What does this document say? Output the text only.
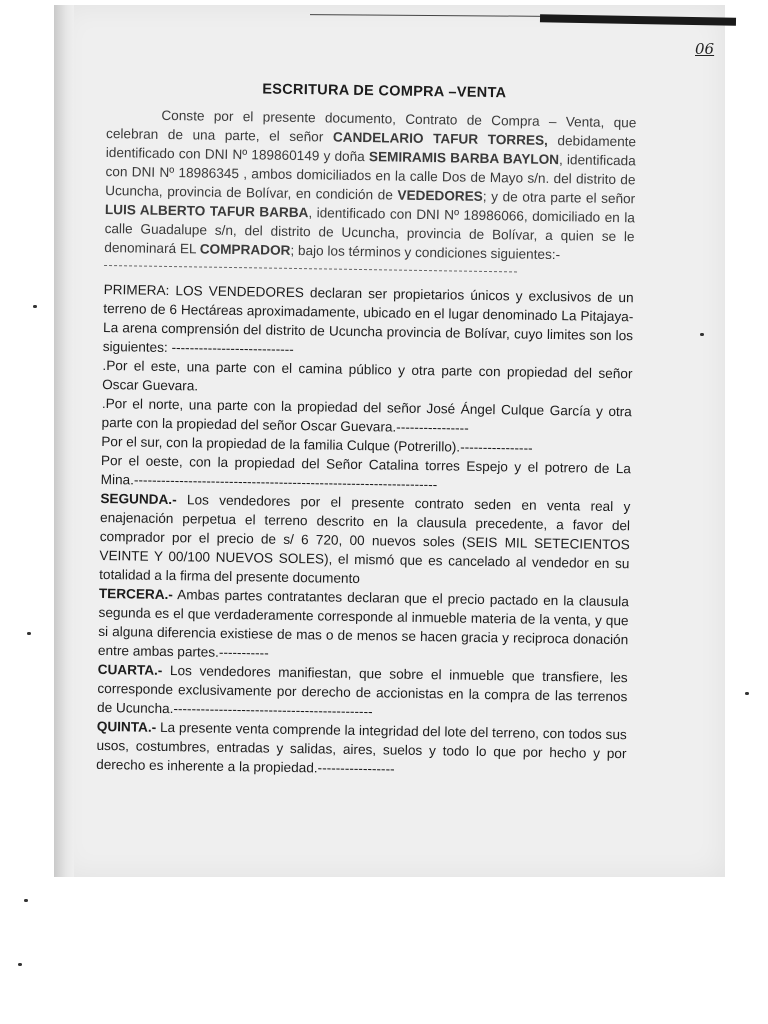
06
ESCRITURA DE COMPRA –VENTA

Conste por el presente documento, Contrato de Compra – Venta, que celebran de una parte, el señor CANDELARIO TAFUR TORRES, debidamente identificado con DNI Nº 189860149 y doña SEMIRAMIS BARBA BAYLON, identificada con DNI Nº 18986345 , ambos domiciliados en la calle Dos de Mayo s/n. del distrito de Ucuncha, provincia de Bolívar, en condición de VEDEDORES; y de otra parte el señor LUIS ALBERTO TAFUR BARBA, identificado con DNI Nº 18986066, domiciliado en la calle Guadalupe s/n, del distrito de Ucuncha, provincia de Bolívar, a quien se le denominará EL COMPRADOR; bajo los términos y condiciones siguientes:-

PRIMERA: LOS VENDEDORES declaran ser propietarios únicos y exclusivos de un terreno de 6 Hectáreas aproximadamente, ubicado en el lugar denominado La Pitajaya- La arena comprensión del distrito de Ucuncha provincia de Bolívar, cuyo limites son los siguientes: ---------------------------

.Por el este, una parte con el camina público y otra parte con propiedad del señor Oscar Guevara.

.Por el norte, una parte con la propiedad del señor José Ángel Culque García y otra parte con la propiedad del señor Oscar Guevara.----------------

Por el sur, con la propiedad de la familia Culque (Potrerillo).----------------

Por el oeste, con la propiedad del Señor Catalina torres Espejo y el potrero de La Mina.-------------------------------------------------------------------

SEGUNDA.- Los vendedores por el presente contrato seden en venta real y enajenación perpetua el terreno descrito en la clausula precedente, a favor del comprador por el precio de s/ 6 720, 00 nuevos soles (SEIS MIL SETECIENTOS VEINTE Y 00/100 NUEVOS SOLES), el mismó que es cancelado al vendedor en su totalidad a la firma del presente documento

TERCERA.- Ambas partes contratantes declaran que el precio pactado en la clausula segunda es el que verdaderamente corresponde al inmueble materia de la venta, y que si alguna diferencia existiese de mas o de menos se hacen gracia y reciproca donación entre ambas partes.-----------

CUARTA.- Los vendedores manifiestan, que sobre el inmueble que transfiere, les corresponde exclusivamente por derecho de accionistas en la compra de las terrenos de Ucuncha.--------------------------------------------

QUINTA.- La presente venta comprende la integridad del lote del terreno, con todos sus usos, costumbres, entradas y salidas, aires, suelos y todo lo que por hecho y por derecho es inherente a la propiedad.-----------------
